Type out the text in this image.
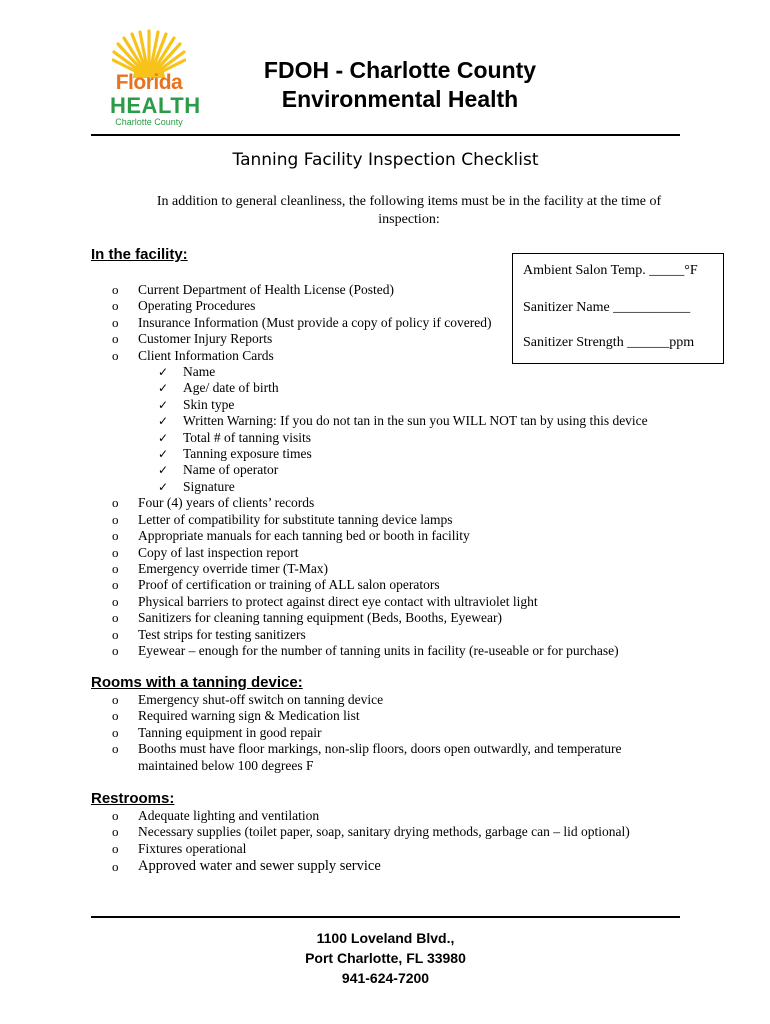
Florida
HEALTH
Charlotte County
FDOH - Charlotte County
Environmental Health
Tanning Facility Inspection Checklist
In addition to general cleanliness, the following items must be in the facility at the time of inspection:
In the facility:
o Current Department of Health License (Posted)
o Operating Procedures
o Insurance Information (Must provide a copy of policy if covered)
o Customer Injury Reports
o Client Information Cards
✓ Name
✓ Age/ date of birth
✓ Skin type
✓ Written Warning: If you do not tan in the sun you WILL NOT tan by using this device
✓ Total # of tanning visits
✓ Tanning exposure times
✓ Name of operator
✓ Signature
o Four (4) years of clients’ records
o Letter of compatibility for substitute tanning device lamps
o Appropriate manuals for each tanning bed or booth in facility
o Copy of last inspection report
o Emergency override timer (T-Max)
o Proof of certification or training of ALL salon operators
o Physical barriers to protect against direct eye contact with ultraviolet light
o Sanitizers for cleaning tanning equipment (Beds, Booths, Eyewear)
o Test strips for testing sanitizers
o Eyewear – enough for the number of tanning units in facility (re-useable or for purchase)
Ambient Salon Temp. _____°F
Sanitizer Name ___________
Sanitizer Strength ______ppm
Rooms with a tanning device:
o Emergency shut-off switch on tanning device
o Required warning sign & Medication list
o Tanning equipment in good repair
o Booths must have floor markings, non-slip floors, doors open outwardly, and temperature maintained below 100 degrees F
Restrooms:
o Adequate lighting and ventilation
o Necessary supplies (toilet paper, soap, sanitary drying methods, garbage can – lid optional)
o Fixtures operational
o Approved water and sewer supply service
1100 Loveland Blvd.,
Port Charlotte, FL 33980
941-624-7200
